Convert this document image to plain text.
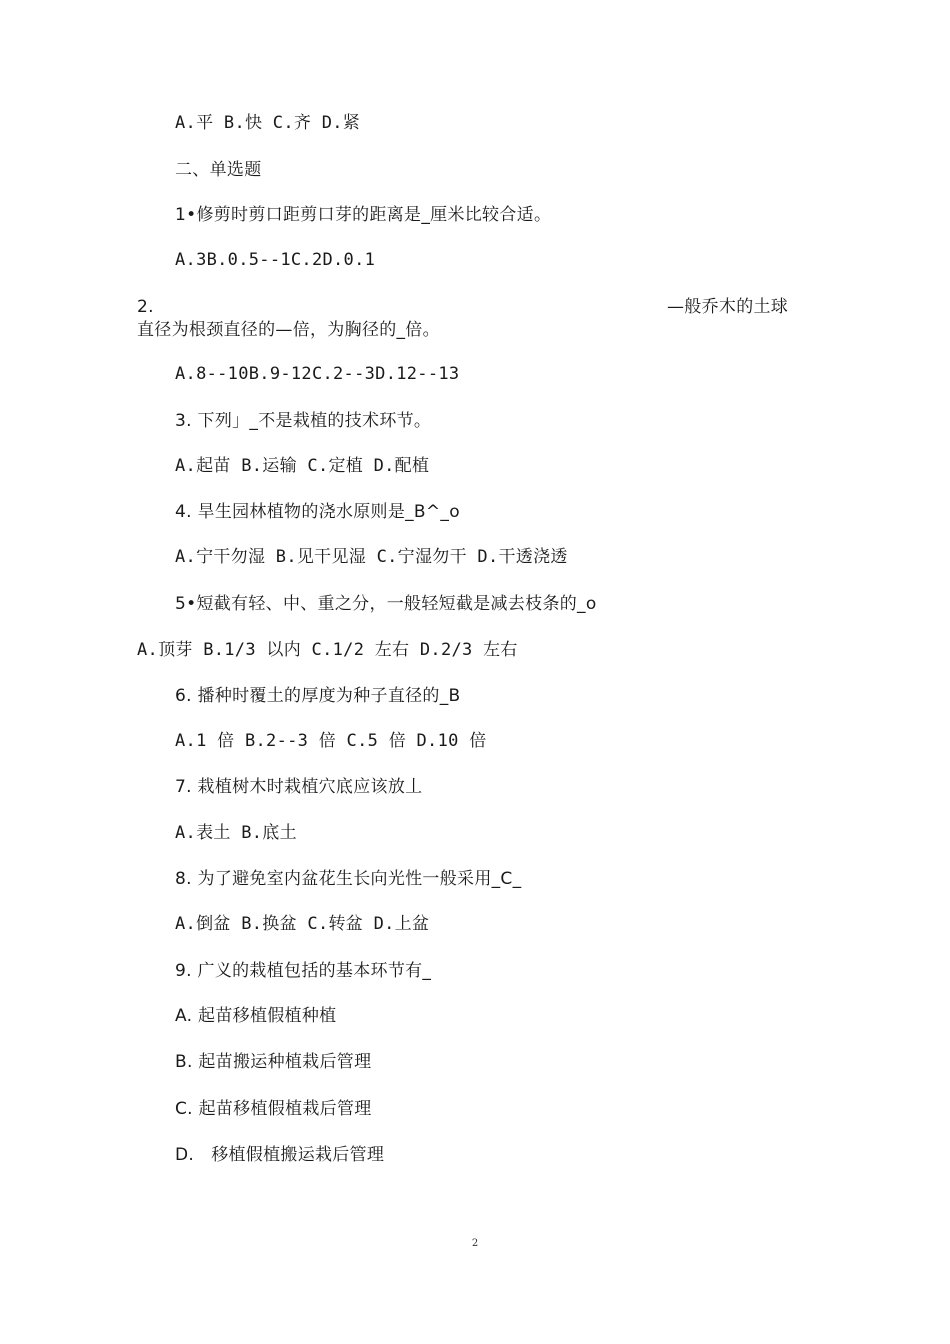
A.平 B.快 C.齐 D.紧
二、单选题
1•修剪时剪口距剪口芽的距离是_厘米比较合适。
A.3B.0.5--1C.2D.0.1
2.	—般乔木的土球
直径为根颈直径的—倍，为胸径的_倍。
A.8--10B.9-12C.2--3D.12--13
3. 下列」_不是栽植的技术环节。
A.起苗 B.运输 C.定植 D.配植
4. 旱生园林植物的浇水原则是_B^_o
A.宁干勿湿 B.见干见湿 C.宁湿勿干 D.干透浇透
5•短截有轻、中、重之分，一般轻短截是减去枝条的_o
A.顶芽 B.1/3 以内 C.1/2 左右 D.2/3 左右
6. 播种时覆土的厚度为种子直径的_B
A.1 倍 B.2--3 倍 C.5 倍 D.10 倍
7. 栽植树木时栽植穴底应该放丄
A.表土 B.底土
8. 为了避免室内盆花生长向光性一般采用_C_
A.倒盆 B.换盆 C.转盆 D.上盆
9. 广义的栽植包括的基本环节有_
A. 起苗移植假植种植
B. 起苗搬运种植栽后管理
C. 起苗移植假植栽后管理
D.   移植假植搬运栽后管理
2
